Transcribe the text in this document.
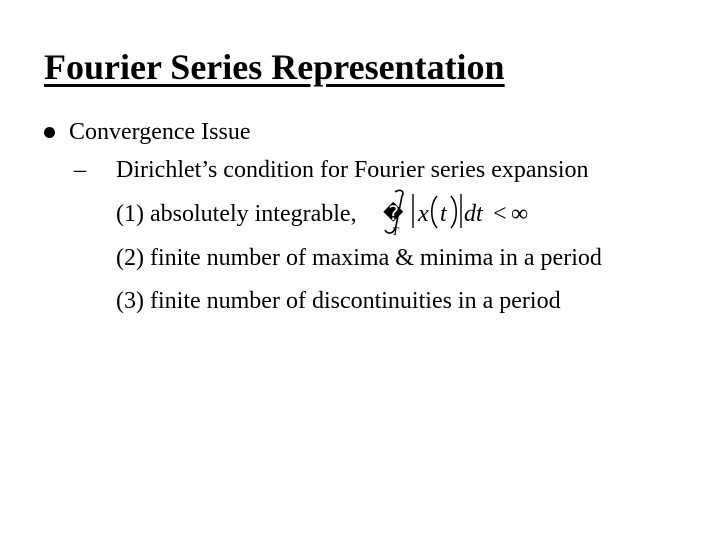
Fourier Series Representation
Convergence Issue
– Dirichlet’s condition for Fourier series expansion
(1) absolutely integrable, �
T
x t dt < ∞
(2) finite number of maxima & minima in a period
(3) finite number of discontinuities in a period
